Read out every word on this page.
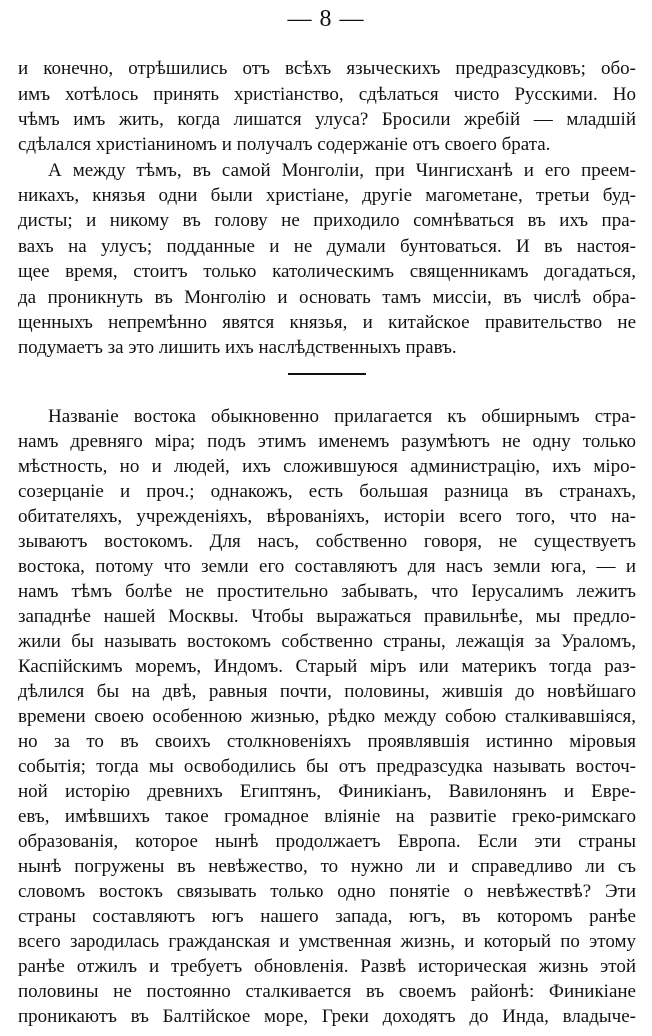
— 8 —
и конечно, отрѣшились отъ всѣхъ языческихъ предразсудковъ; обо-
имъ хотѣлось принять христіанство, сдѣлаться чисто Русскими. Но
чѣмъ имъ жить, когда лишатся улуса? Бросили жребій — младшій
сдѣлался христіаниномъ и получалъ содержаніе отъ своего брата.
А между тѣмъ, въ самой Монголіи, при Чингисханѣ и его преем-
никахъ, князья одни были христіане, другіе магометане, третьи буд-
дисты; и никому въ голову не приходило сомнѣваться въ ихъ пра-
вахъ на улусъ; подданные и не думали бунтоваться. И въ настоя-
щее время, стоитъ только католическимъ священникамъ догадаться,
да проникнуть въ Монголію и основать тамъ миссіи, въ числѣ обра-
щенныхъ непремѣнно явятся князья, и китайское правительство не
подумаетъ за это лишить ихъ наслѣдственныхъ правъ.
Названіе востока обыкновенно прилагается къ обширнымъ стра-
намъ древняго міра; подъ этимъ именемъ разумѣютъ не одну только
мѣстность, но и людей, ихъ сложившуюся администрацію, ихъ міро-
созерцаніе и проч.; однакожъ, есть большая разница въ странахъ,
обитателяхъ, учрежденіяхъ, вѣрованіяхъ, исторіи всего того, что на-
зываютъ востокомъ. Для насъ, собственно говоря, не существуетъ
востока, потому что земли его составляютъ для насъ земли юга, — и
намъ тѣмъ болѣе не простительно забывать, что Іерусалимъ лежитъ
западнѣе нашей Москвы. Чтобы выражаться правильнѣе, мы предло-
жили бы называть востокомъ собственно страны, лежащія за Ураломъ,
Каспійскимъ моремъ, Индомъ. Старый міръ или материкъ тогда раз-
дѣлился бы на двѣ, равныя почти, половины, жившія до новѣйшаго
времени своею особенною жизнью, рѣдко между собою сталкивавшіяся,
но за то въ своихъ столкновеніяхъ проявлявшія истинно міровыя
событія; тогда мы освободились бы отъ предразсудка называть восточ-
ной исторію древнихъ Египтянъ, Финикіанъ, Вавилонянъ и Евре-
евъ, имѣвшихъ такое громадное вліяніе на развитіе греко-римскаго
образованія, которое нынѣ продолжаетъ Европа. Если эти страны
нынѣ погружены въ невѣжество, то нужно ли и справедливо ли съ
словомъ востокъ связывать только одно понятіе о невѣжествѣ? Эти
страны составляютъ югъ нашего запада, югъ, въ которомъ ранѣе
всего зародилась гражданская и умственная жизнь, и который по этому
ранѣе отжилъ и требуетъ обновленія. Развѣ историческая жизнь этой
половины не постоянно сталкивается въ своемъ районѣ: Финикіане
проникаютъ въ Балтійское море, Греки доходятъ до Инда, владыче-
